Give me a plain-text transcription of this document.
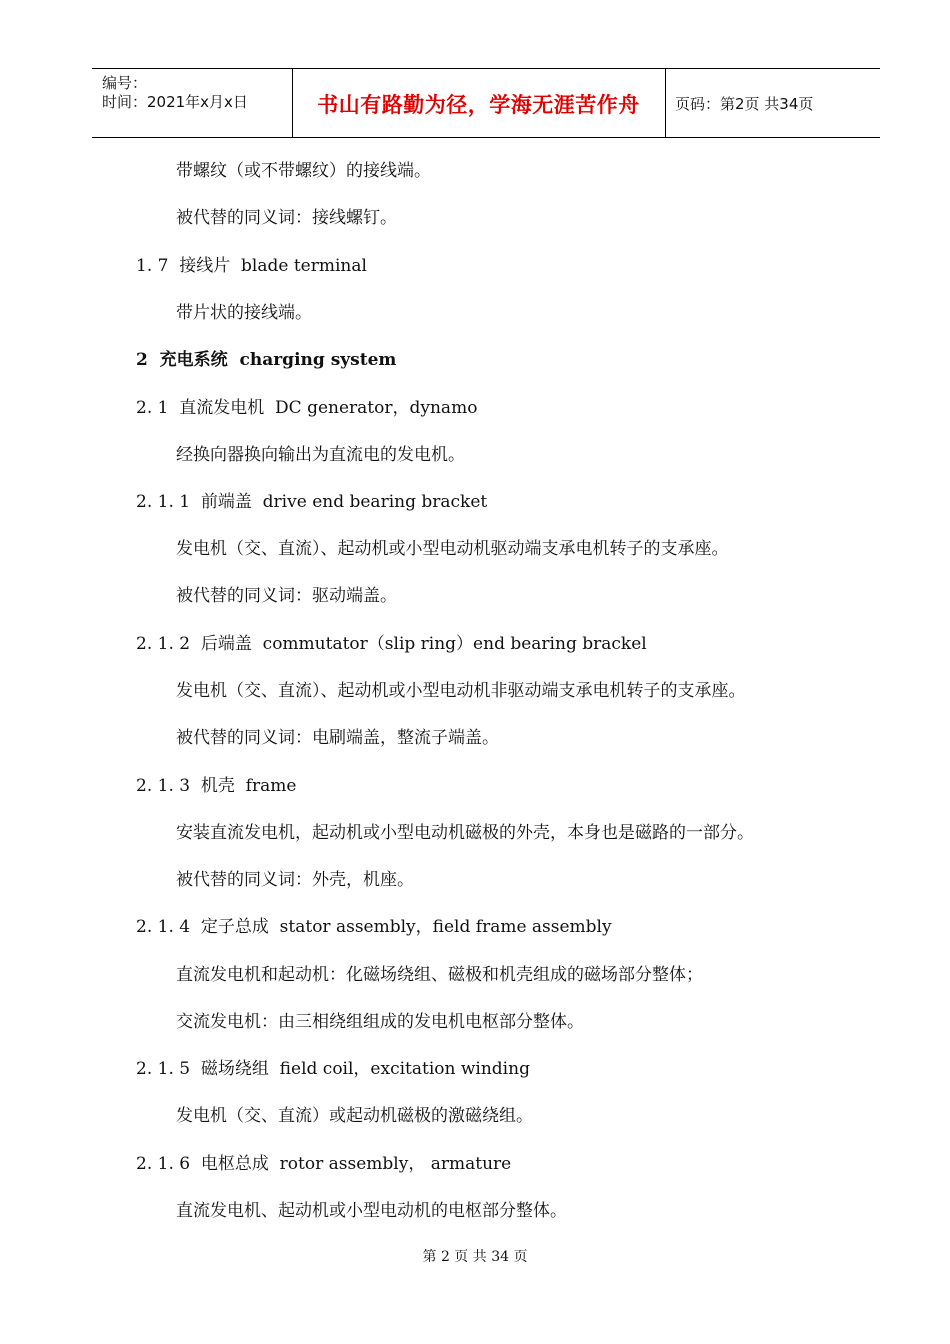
编号：
时间：2021年x月x日	书山有路勤为径，学海无涯苦作舟	页码：第2页 共34页
带螺纹（或不带螺纹）的接线端。
被代替的同义词：接线螺钉。
1. 7  接线片  blade terminal
带片状的接线端。
2  充电系统  charging system
2. 1  直流发电机  DC generator，dynamo
经换向器换向输出为直流电的发电机。
2. 1. 1  前端盖  drive end bearing bracket
发电机（交、直流）、起动机或小型电动机驱动端支承电机转子的支承座。
被代替的同义词：驱动端盖。
2. 1. 2  后端盖  commutator（slip ring）end bearing brackel
发电机（交、直流）、起动机或小型电动机非驱动端支承电机转子的支承座。
被代替的同义词：电刷端盖，整流子端盖。
2. 1. 3  机壳  frame
安装直流发电机，起动机或小型电动机磁极的外壳，本身也是磁路的一部分。
被代替的同义词：外壳，机座。
2. 1. 4  定子总成  stator assembly，field frame assembly
直流发电机和起动机：化磁场绕组、磁极和机壳组成的磁场部分整体；
交流发电机：由三相绕组组成的发电机电枢部分整体。
2. 1. 5  磁场绕组  field coil，excitation winding
发电机（交、直流）或起动机磁极的激磁绕组。
2. 1. 6  电枢总成  rotor assembly， armature
直流发电机、起动机或小型电动机的电枢部分整体。
第 2 页 共 34 页
